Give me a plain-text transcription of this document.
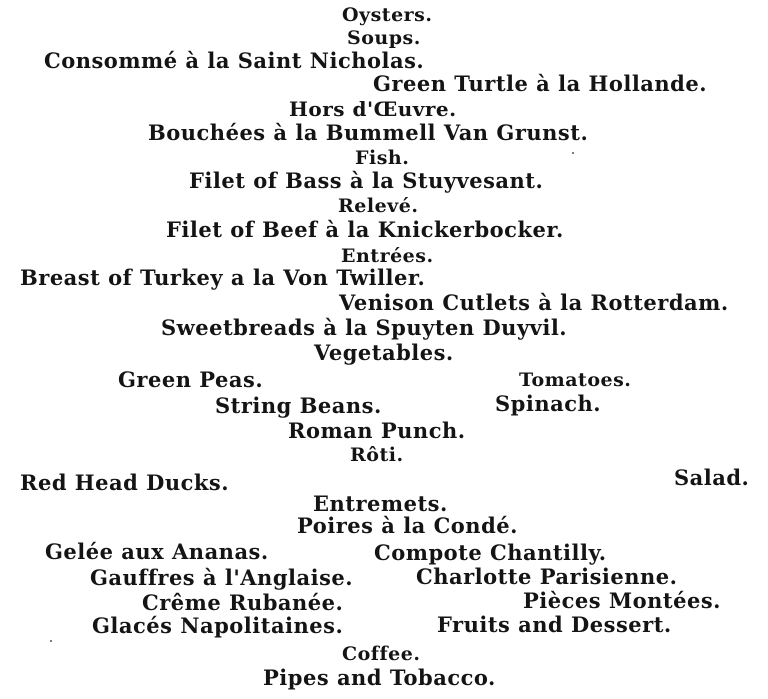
Oysters.
Soups.
Consommé à la Saint Nicholas.
Green Turtle à la Hollande.
Hors d'Œuvre.
Bouchées à la Bummell Van Grunst.
Fish.
Filet of Bass à la Stuyvesant.
Relevé.
Filet of Beef à la Knickerbocker.
Entrées.
Breast of Turkey a la Von Twiller.
Venison Cutlets à la Rotterdam.
Sweetbreads à la Spuyten Duyvil.
Vegetables.
Green Peas.	Tomatoes.
String Beans.	Spinach.
Roman Punch.
Rôti.
Red Head Ducks.	Salad.
Entremets.
Poires à la Condé.
Gelée aux Ananas.	Compote Chantilly.
Gauffres à l'Anglaise.	Charlotte Parisienne.
Crême Rubanée.	Pièces Montées.
Glacés Napolitaines.	Fruits and Dessert.
Coffee.
Pipes and Tobacco.
